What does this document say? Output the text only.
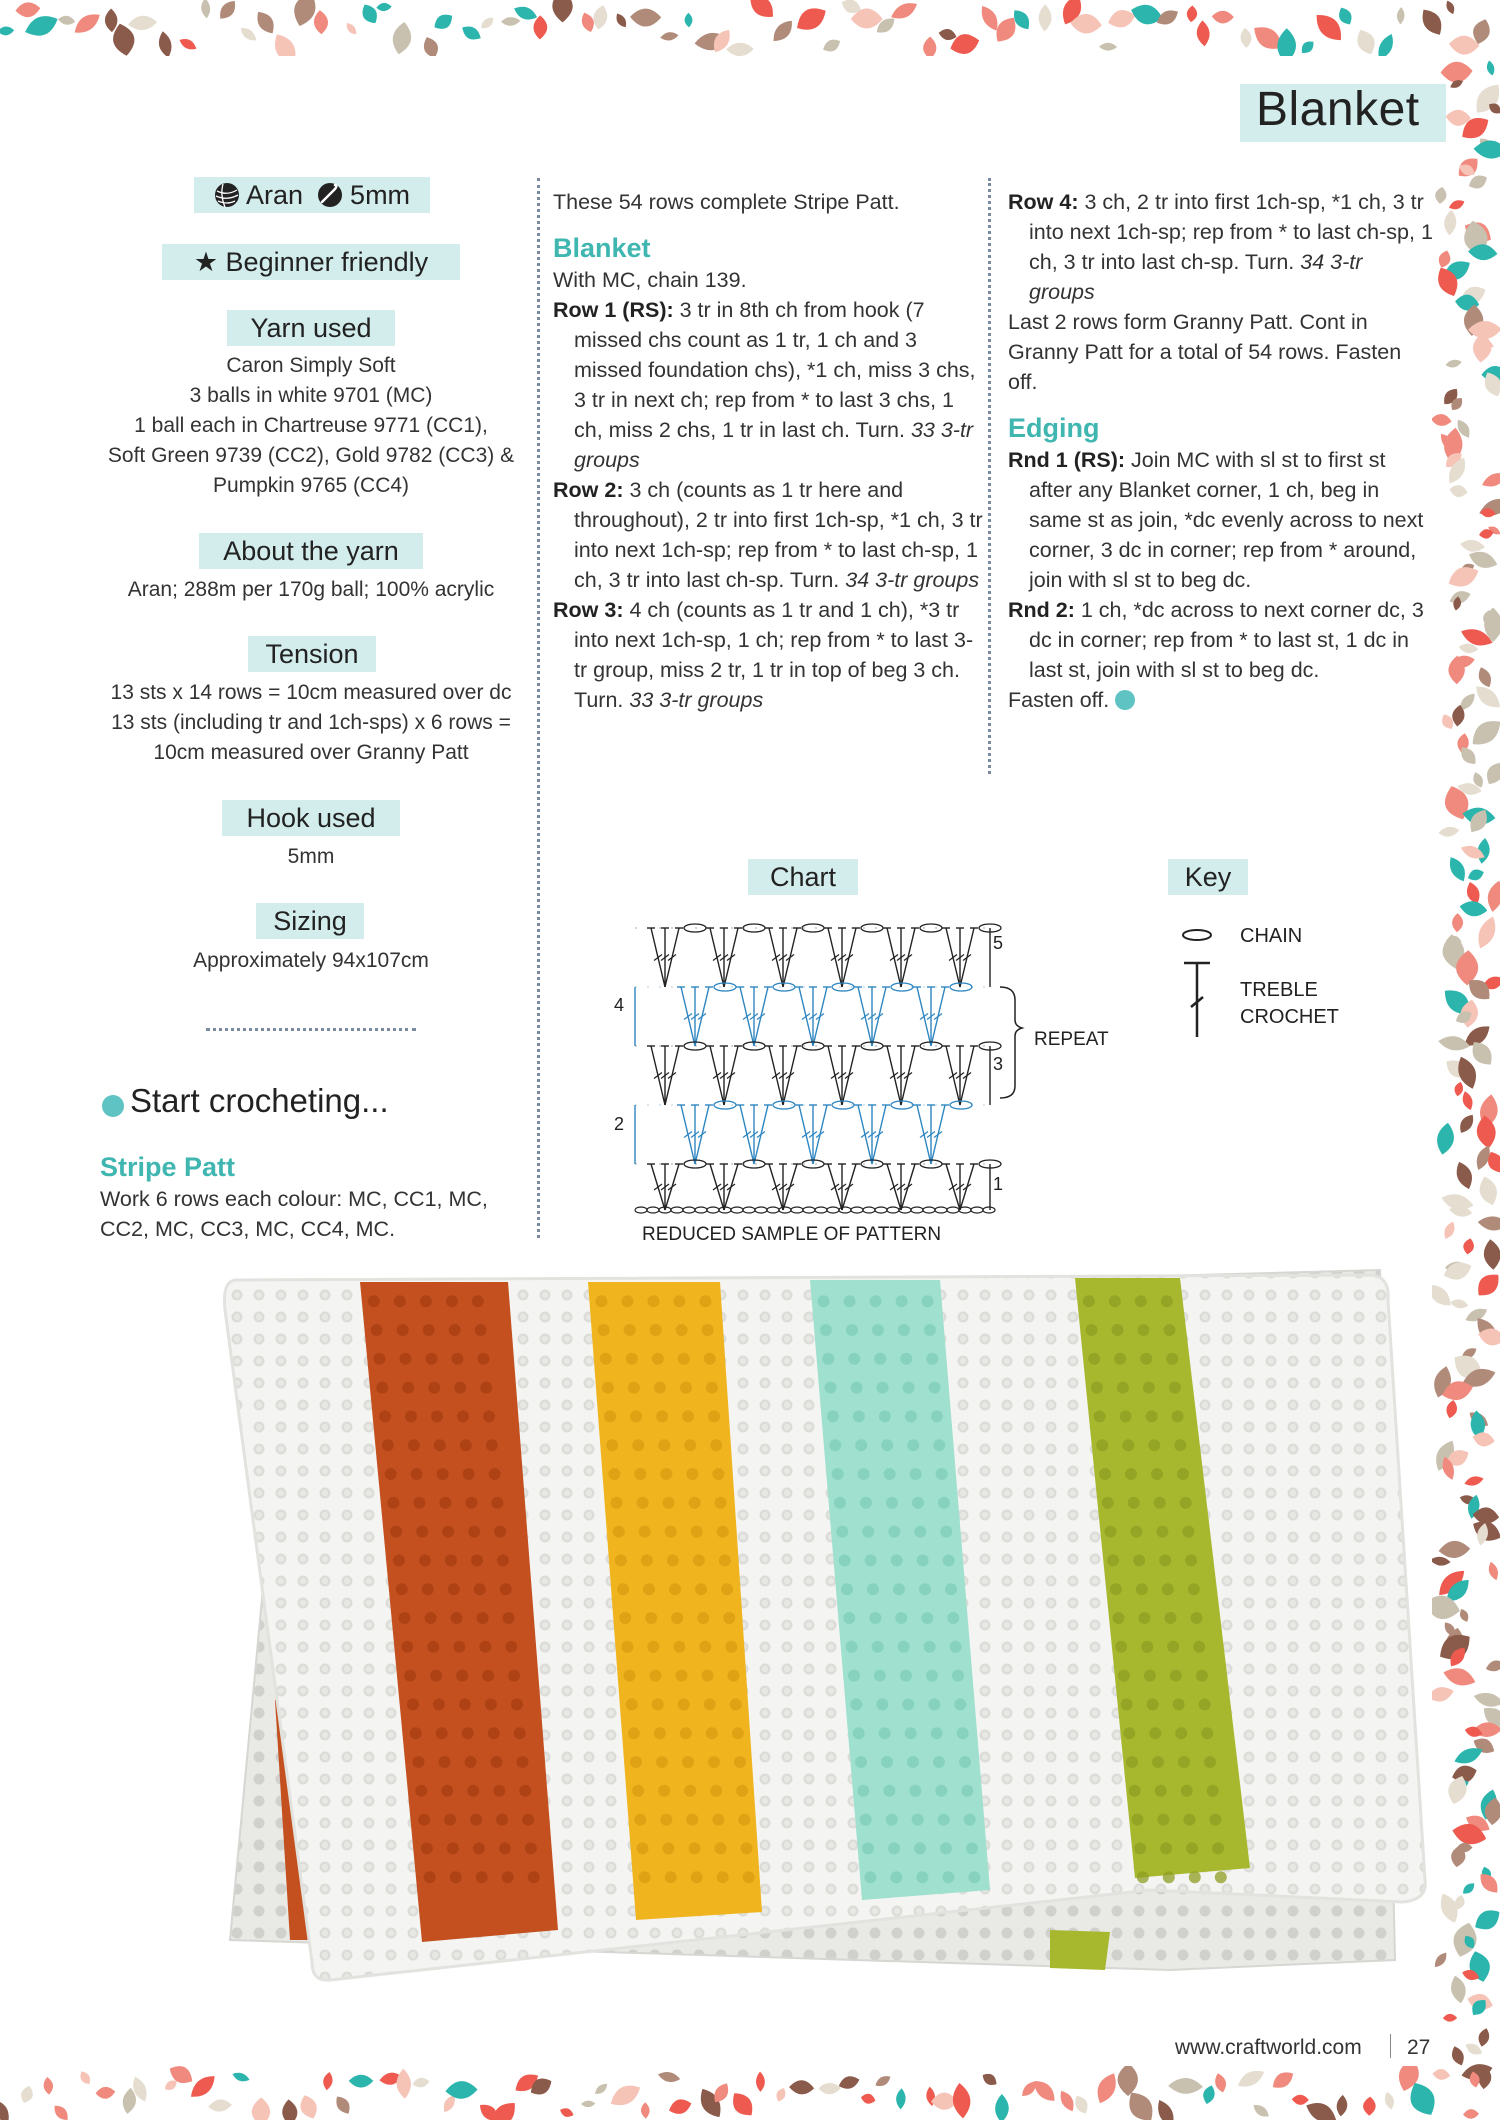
Blanket
Aran 5mm
★ Beginner friendly
Yarn used
Caron Simply Soft
3 balls in white 9701 (MC)
1 ball each in Chartreuse 9771 (CC1),
Soft Green 9739 (CC2), Gold 9782 (CC3) &
Pumpkin 9765 (CC4)
About the yarn
Aran; 288m per 170g ball; 100% acrylic
Tension
13 sts x 14 rows = 10cm measured over dc
13 sts (including tr and 1ch-sps) x 6 rows =
10cm measured over Granny Patt
Hook used
5mm
Sizing
Approximately 94x107cm
Start crocheting...
Stripe Patt

Work 6 rows each colour: MC, CC1, MC, CC2, MC, CC3, MC, CC4, MC.

These 54 rows complete Stripe Patt.

Blanket

With MC, chain 139.

Row 1 (RS): 3 tr in 8th ch from hook (7 missed chs count as 1 tr, 1 ch and 3 missed foundation chs), *1 ch, miss 3 chs, 3 tr in next ch; rep from * to last 3 chs, 1 ch, miss 2 chs, 1 tr in last ch. Turn. 33 3-tr groups

Row 2: 3 ch (counts as 1 tr here and throughout), 2 tr into first 1ch-sp, *1 ch, 3 tr into next 1ch-sp; rep from * to last ch-sp, 1 ch, 3 tr into last ch-sp. Turn. 34 3-tr groups

Row 3: 4 ch (counts as 1 tr and 1 ch), *3 tr into next 1ch-sp, 1 ch; rep from * to last 3-tr group, miss 2 tr, 1 tr in top of beg 3 ch. Turn. 33 3-tr groups

Row 4: 3 ch, 2 tr into first 1ch-sp, *1 ch, 3 tr into next 1ch-sp; rep from * to last ch-sp, 1 ch, 3 tr into last ch-sp. Turn. 34 3-tr groups

Last 2 rows form Granny Patt. Cont in Granny Patt for a total of 54 rows. Fasten off.

Edging

Rnd 1 (RS): Join MC with sl st to first st after any Blanket corner, 1 ch, beg in same st as join, *dc evenly across to next corner, 3 dc in corner; rep from * around, join with sl st to beg dc.

Rnd 2: 1 ch, *dc across to next corner dc, 3 dc in corner; rep from * to last st, 1 dc in last st, join with sl st to beg dc.

Fasten off.

Chart
5
4
3
2
1
REPEAT
REDUCED SAMPLE OF PATTERN
Key
CHAIN
TREBLE
CROCHET
www.craftworld.com 27
